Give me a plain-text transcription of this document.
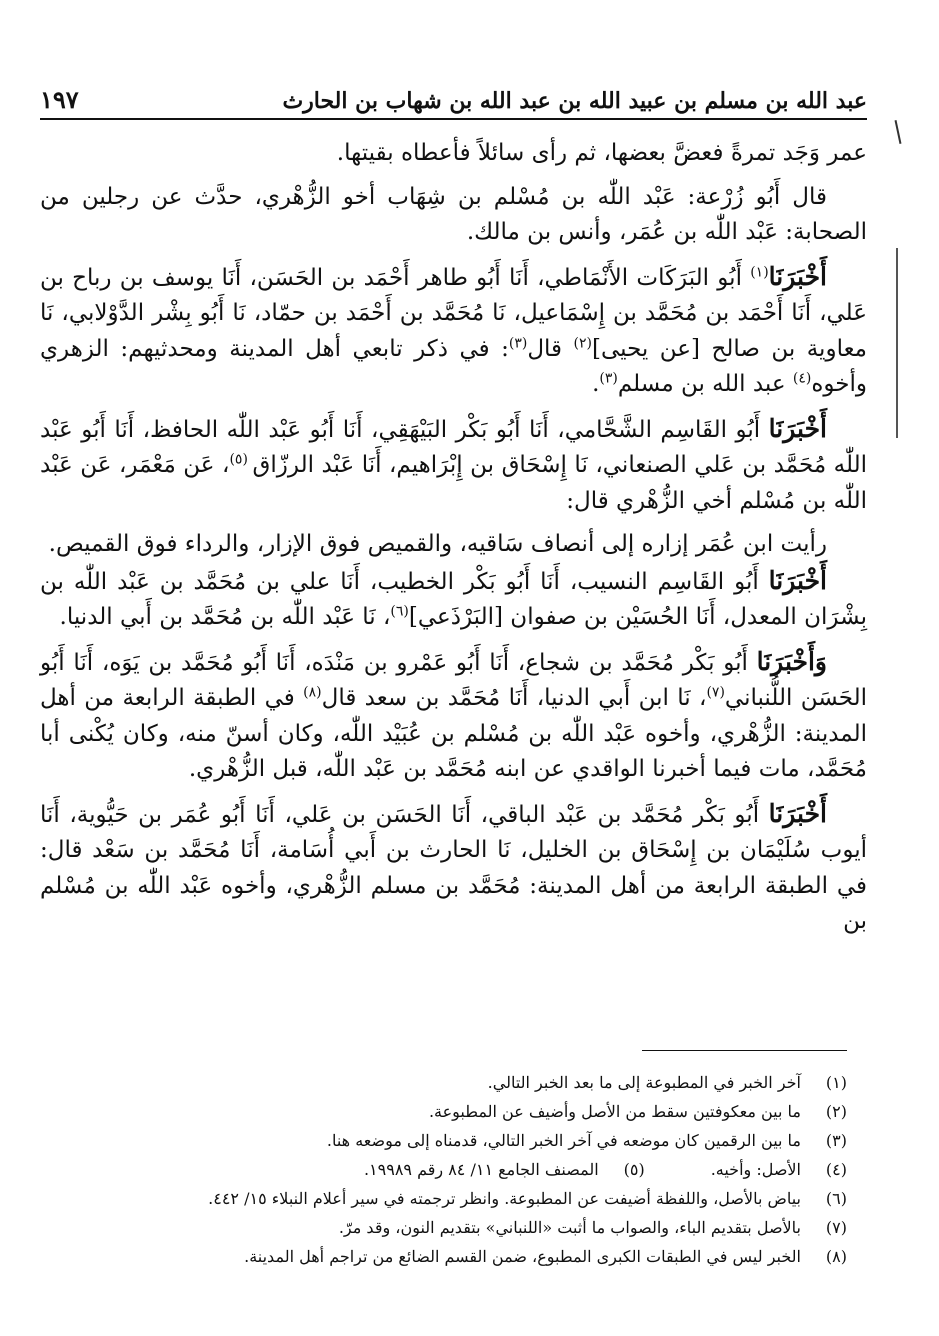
عبد الله بن مسلم بن عبيد الله بن عبد الله بن شهاب بن الحارث
١٩٧

عمر وَجَد تمرةً فعضَّ بعضها، ثم رأى سائلاً فأعطاه بقيتها.

قال أَبُو زُرْعة: عَبْد اللّٰه بن مُسْلم بن شِهَاب أخو الزُّهْري، حدَّث عن رجلين من الصحابة: عَبْد اللّٰه بن عُمَر، وأنس بن مالك.

أَخْبَرَنَا$^{(١)}$ أَبُو البَرَكَات الأَنْمَاطي، أَنَا أَبُو طاهر أَحْمَد بن الحَسَن، أَنَا يوسف بن رباح بن عَلي، أَنَا أَحْمَد بن مُحَمَّد بن إِسْمَاعيل، نَا مُحَمَّد بن أَحْمَد بن حمّاد، نَا أَبُو بِشْر الدَّوْلابي، نَا معاوية بن صالح [عن يحيى]$^{(٢)}$ قال$^{(٣)}$: في ذكر تابعي أهل المدينة ومحدثيهم: الزهري وأخوه$^{(٤)}$ عبد الله بن مسلم$^{(٣)}$.

أَخْبَرَنَا أَبُو القَاسِم الشَّحَّامي، أَنَا أَبُو بَكْر البَيْهَقِي، أَنَا أَبُو عَبْد اللّٰه الحافظ، أَنَا أَبُو عَبْد اللّٰه مُحَمَّد بن عَلي الصنعاني، نَا إِسْحَاق بن إِبْرَاهيم، أَنَا عَبْد الرزّاق $^{(٥)}$، عَن مَعْمَر، عَن عَبْد اللّٰه بن مُسْلم أخي الزُّهْري قال:

رأيت ابن عُمَر إزاره إلى أنصاف سَاقيه، والقميص فوق الإزار، والرداء فوق القميص.

أَخْبَرَنَا أَبُو القَاسِم النسيب، أَنَا أَبُو بَكْر الخطيب، أَنَا علي بن مُحَمَّد بن عَبْد اللّٰه بن بِشْرَان المعدل، أَنَا الحُسَيْن بن صفوان [البَرْذَعي]$^{(٦)}$، نَا عَبْد اللّٰه بن مُحَمَّد بن أَبي الدنيا.

وَأَخْبَرَنَا أَبُو بَكْر مُحَمَّد بن شجاع، أَنَا أَبُو عَمْرو بن مَنْدَه، أَنَا أَبُو مُحَمَّد بن يَوَه، أَنَا أَبُو الحَسَن اللُّنباني$^{(٧)}$، نَا ابن أَبي الدنيا، أَنَا مُحَمَّد بن سعد قال$^{(٨)}$ في الطبقة الرابعة من أهل المدينة: الزُّهْري، وأخوه عَبْد اللّٰه بن مُسْلم بن عُبَيْد اللّٰه، وكان أسنّ منه، وكان يُكْنى أبا مُحَمَّد، مات فيما أخبرنا الواقدي عن ابنه مُحَمَّد بن عَبْد اللّٰه، قبل الزُّهْري.

أَخْبَرَنَا أَبُو بَكْر مُحَمَّد بن عَبْد الباقي، أَنَا الحَسَن بن عَلي، أَنَا أَبُو عُمَر بن حَيُّوية، أَنَا أيوب سُلَيْمَان بن إِسْحَاق بن الخليل، نَا الحارث بن أَبي أُسَامة، أَنَا مُحَمَّد بن سَعْد قال: في الطبقة الرابعة من أهل المدينة: مُحَمَّد بن مسلم الزُّهْري، وأخوه عَبْد اللّٰه بن مُسْلم بن

(١)
آخر الخبر في المطبوعة إلى ما بعد الخبر التالي.
(٢)
ما بين معكوفتين سقط من الأصل وأضيف عن المطبوعة.
(٣)
ما بين الرقمين كان موضعه في آخر الخبر التالي، قدمناه إلى موضعه هنا.
(٤)
الأصل: وأخيه.
(٥)
المصنف الجامع ١١/ ٨٤ رقم ١٩٩٨٩.
(٦)
بياض بالأصل، واللفظة أضيفت عن المطبوعة. وانظر ترجمته في سير أعلام النبلاء ١٥/ ٤٤٢.
(٧)
بالأصل بتقديم الباء، والصواب ما أثبت «اللنباني» بتقديم النون، وقد مرّ.
(٨)
الخبر ليس في الطبقات الكبرى المطبوع، ضمن القسم الضائع من تراجم أهل المدينة.
